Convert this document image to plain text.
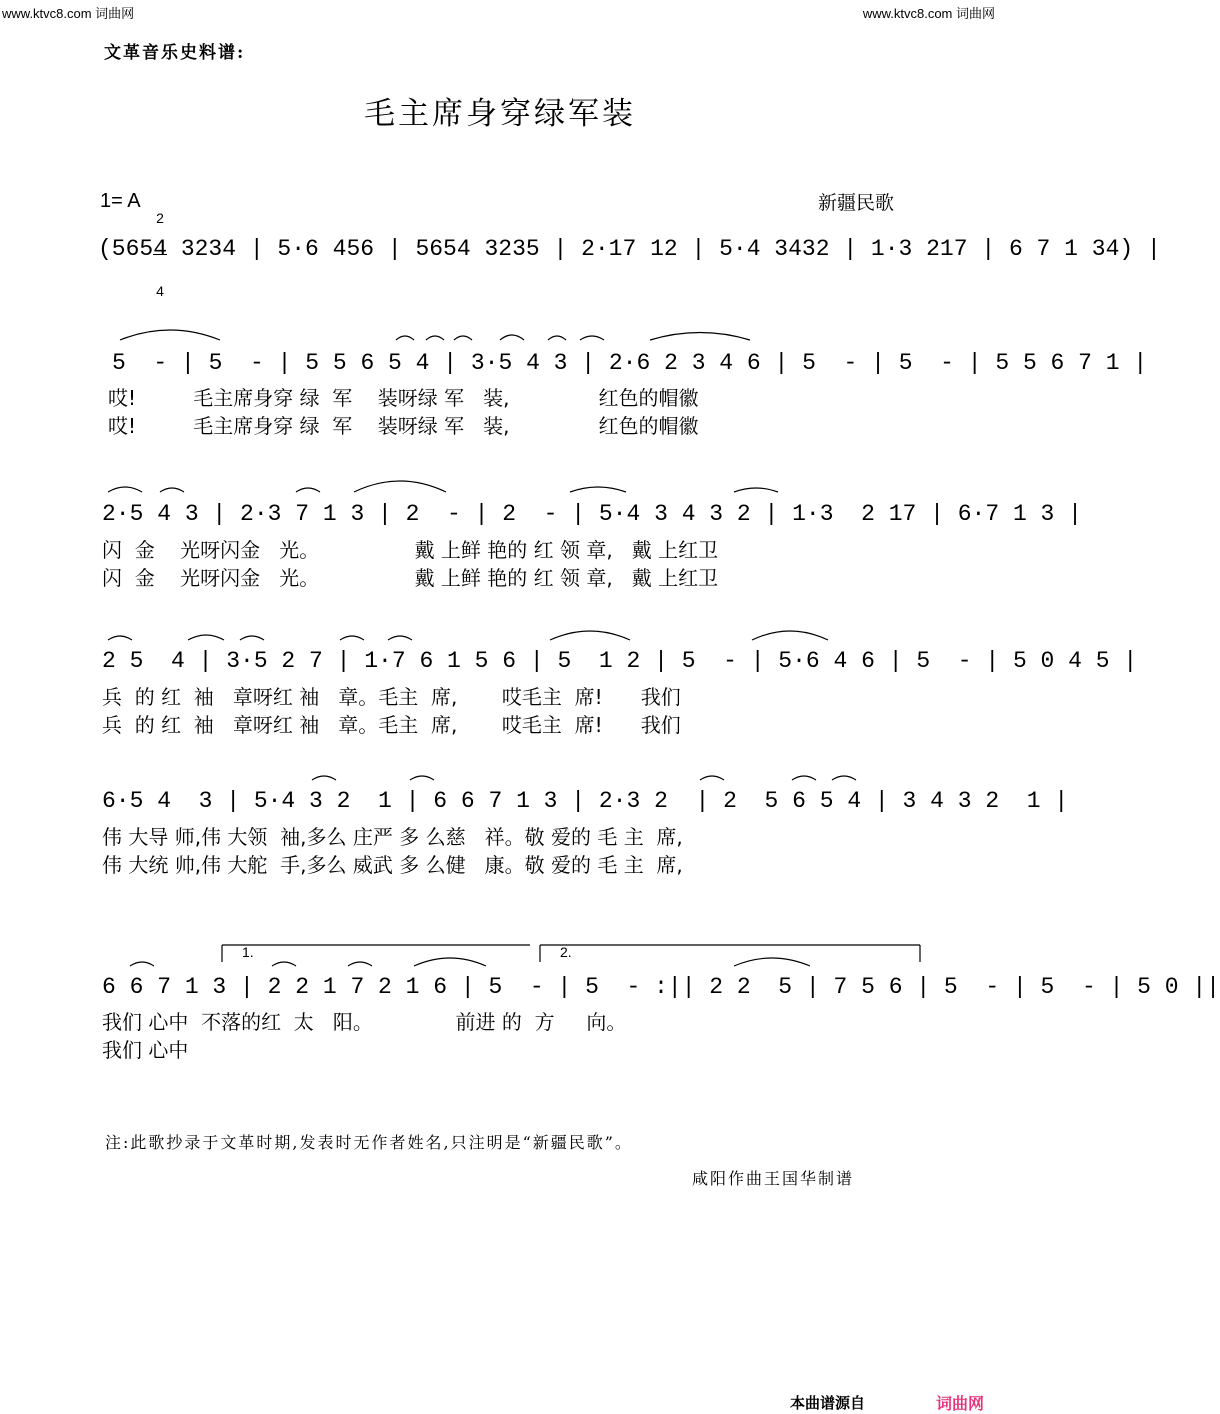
www.ktvc8.com 词曲网	www.ktvc8.com 词曲网
文革音乐史料谱:
毛主席身穿绿军装
1= A

2

4

新疆民歌
(5654 3234 | 5·6 456 | 5654 3235 | 2·17 12 | 5·4 3432 | 1·3 217 | 6 7 1 34) |
5  - | 5  - | 5 5 6 5 4 | 3·5 4 3 | 2·6 2 3 4 6 | 5  - | 5  - | 5 5 6 7 1 |
哎!         毛主席身穿 绿  军    装呀绿 军   装,              红色的帽徽
哎!         毛主席身穿 绿  军    装呀绿 军   装,              红色的帽徽
2·5 4 3 | 2·3 7 1 3 | 2  - | 2  - | 5·4 3 4 3 2 | 1·3  2 17 | 6·7 1 3 |
闪  金    光呀闪金   光。               戴 上鲜 艳的 红 领 章,   戴 上红卫
闪  金    光呀闪金   光。               戴 上鲜 艳的 红 领 章,   戴 上红卫
2 5  4 | 3·5 2 7 | 1·7 6 1 5 6 | 5  1 2 | 5  - | 5·6 4 6 | 5  - | 5 0 4 5 |
兵  的 红  袖   章呀红 袖   章。毛主  席,       哎毛主  席!      我们
兵  的 红  袖   章呀红 袖   章。毛主  席,       哎毛主  席!      我们
6·5 4  3 | 5·4 3 2  1 | 6 6 7 1 3 | 2·3 2  | 2  5 6 5 4 | 3 4 3 2  1 |
伟 大导 师,伟 大领  袖,多么 庄严 多 么慈   祥。敬 爱的 毛 主  席,
伟 大统 帅,伟 大舵  手,多么 威武 多 么健   康。敬 爱的 毛 主  席,
1.	2.
6 6 7 1 3 | 2 2 1 7 2 1 6 | 5  - | 5  - :|| 2 2  5 | 7 5 6 | 5  - | 5  - | 5 0 ||
我们 心中  不落的红  太   阳。             前进 的  方     向。
我们 心中
注:此歌抄录于文革时期,发表时无作者姓名,只注明是“新疆民歌”。
咸阳作曲王国华制谱
本曲谱源自	词曲网
